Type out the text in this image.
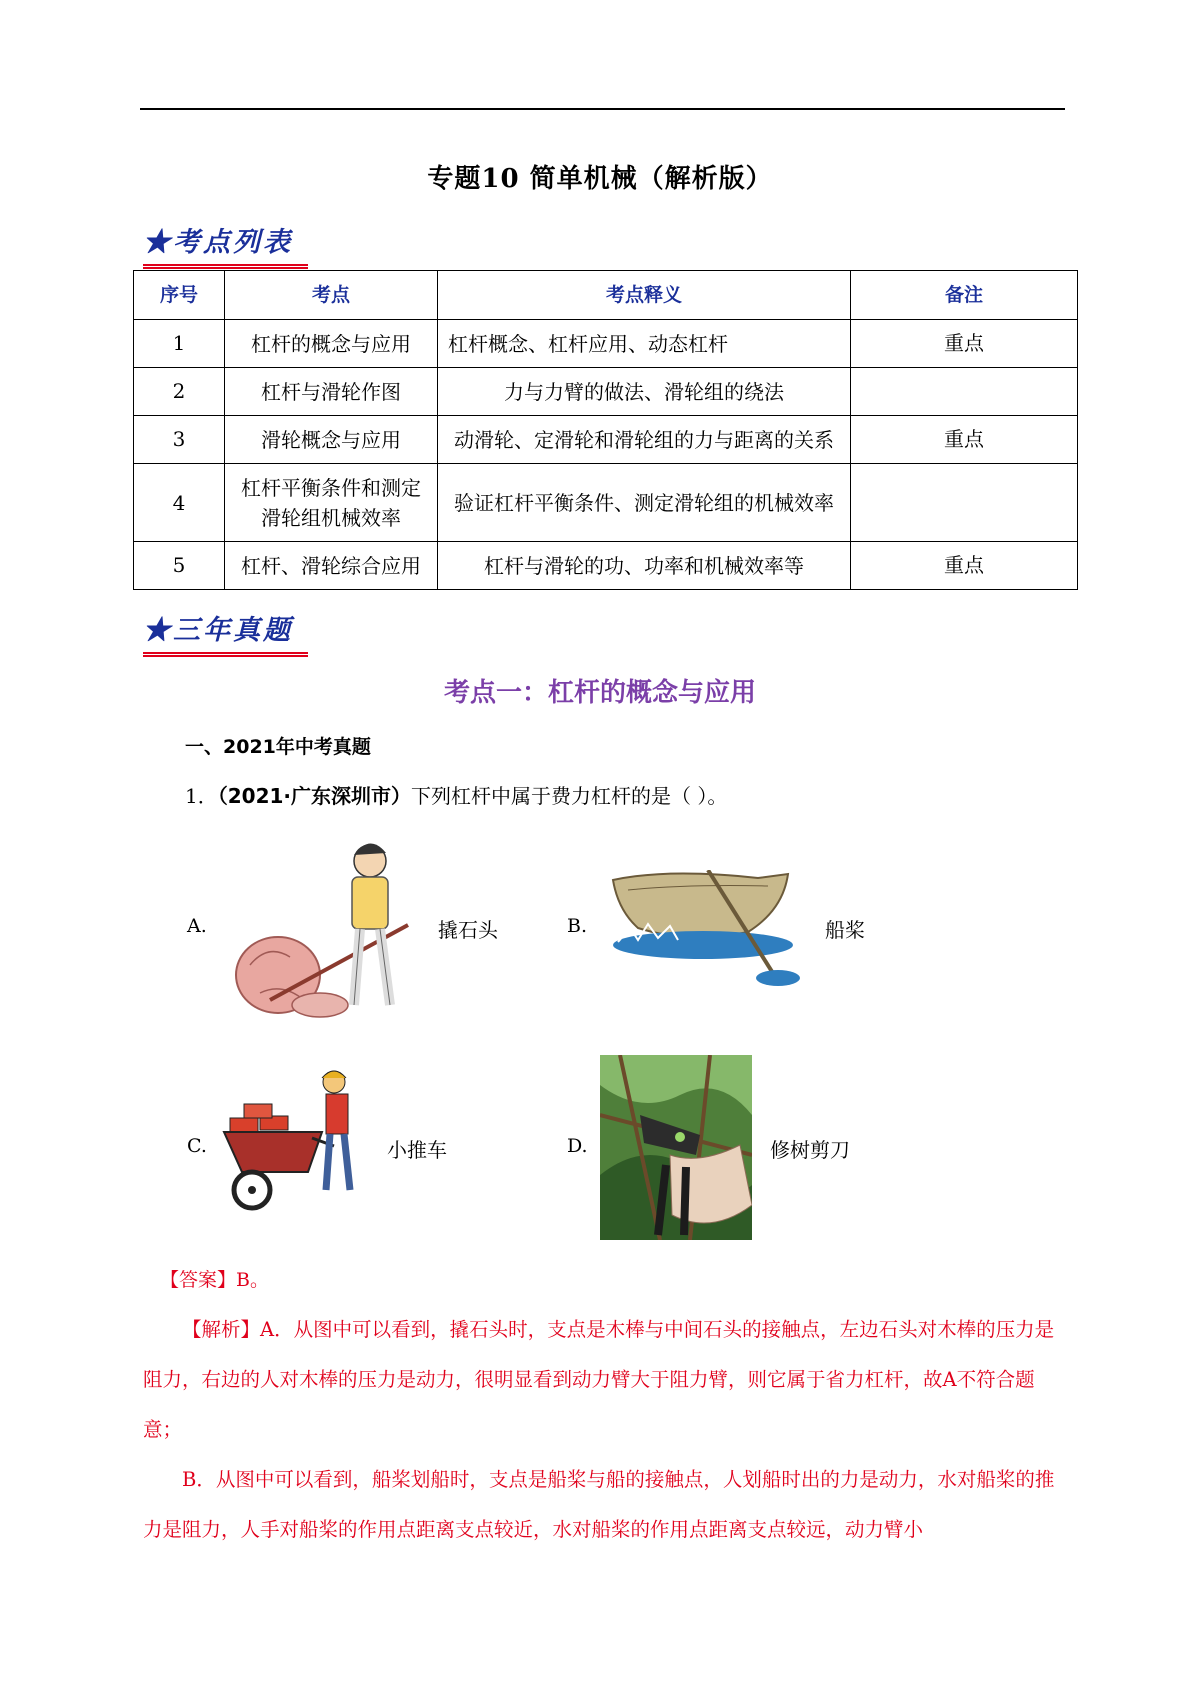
专题10 简单机械（解析版）
★考点列表
序号	考点	考点释义	备注
1	杠杆的概念与应用	杠杆概念、杠杆应用、动态杠杆	重点
2	杠杆与滑轮作图	力与力臂的做法、滑轮组的绕法	
3	滑轮概念与应用	动滑轮、定滑轮和滑轮组的力与距离的关系	重点
4	杠杆平衡条件和测定滑轮组机械效率	验证杠杆平衡条件、测定滑轮组的机械效率	
5	杠杆、滑轮综合应用	杠杆与滑轮的功、功率和机械效率等	重点
★三年真题
考点一：杠杆的概念与应用
一、2021年中考真题
1．（2021·广东深圳市）下列杠杆中属于费力杠杆的是（ ）。
A.	撬石头	B.	船桨
C.	小推车	D.	修树剪刀
【答案】B。
【解析】A．从图中可以看到，撬石头时，支点是木棒与中间石头的接触点，左边石头对木棒的压力是阻力，右边的人对木棒的压力是动力，很明显看到动力臂大于阻力臂，则它属于省力杠杆，故A不符合题意；
B．从图中可以看到，船桨划船时，支点是船桨与船的接触点，人划船时出的力是动力，水对船桨的推力是阻力，人手对船桨的作用点距离支点较近，水对船桨的作用点距离支点较远，动力臂小
